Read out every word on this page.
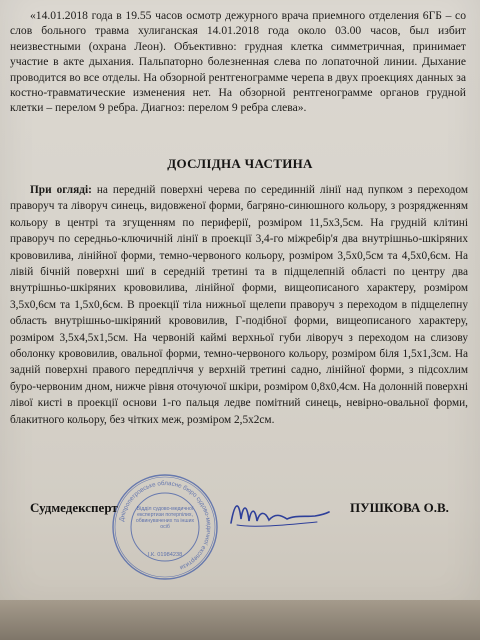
«14.01.2018 года в 19.55 часов осмотр дежурного врача приемного отделения 6ГБ – со слов больного травма хулиганская 14.01.2018 года около 03.00 часов, был избит неизвестными (охрана Леон). Объективно: грудная клетка симметричная, принимает участие в акте дыхания. Пальпаторно болезненная слева по лопаточной линии. Дыхание проводится во все отделы. На обзорной рентгенограмме черепа в двух проекциях данных за костно-травматические изменения нет. На обзорной рентгенограмме органов грудной клетки – перелом 9 ребра. Диагноз: перелом 9 ребра слева».

ДОСЛІДНА ЧАСТИНА

При огляді: на передній поверхні черева по серединній лінії над пупком з переходом праворуч та ліворуч синець, видовженої форми, багряно-синюшного кольору, з розрядженням кольору в центрі та згущенням по периферії, розміром 11,5х3,5см. На грудній клітині праворуч по середньо-ключичній лінії в проекції 3,4-го міжребір'я два внутрішньо-шкіряних крововилива, лінійної форми, темно-червоного кольору, розміром 3,5х0,5см та 4,5х0,6см. На лівій бічній поверхні шиї в середній третині та в підщелепній області по центру два внутрішньо-шкіряних крововилива, лінійної форми, вищеописаного характеру, розміром 3,5х0,6см та 1,5х0,6см. В проекції тіла нижньої щелепи праворуч з переходом в підщелепну область внутрішньо-шкіряний крововилив, Г-подібної форми, вищеописаного характеру, розміром 3,5х4,5х1,5см. На червоній каймі верхньої губи ліворуч з переходом на слизову оболонку крововилив, овальної форми, темно-червоного кольору, розміром біля 1,5х1,3см. На задній поверхні правого передпліччя у верхній третині садно, лінійної форми, з підсохлим буро-червоним дном, нижче рівня оточуючої шкіри, розміром 0,8х0,4см. На долонній поверхні лівої кисті в проекції основи 1-го пальця ледве помітний синець, невірно-овальної форми, блакитного кольору, без чітких меж, розміром 2,5х2см.

Дніпропетровське обласне бюро судово-медичної експертизи
Відділ судово-медичної експертизи потерпілих, обвинувачених та інших осіб
І.К. 01984238

Судмедексперт	ПУШКОВА О.В.
